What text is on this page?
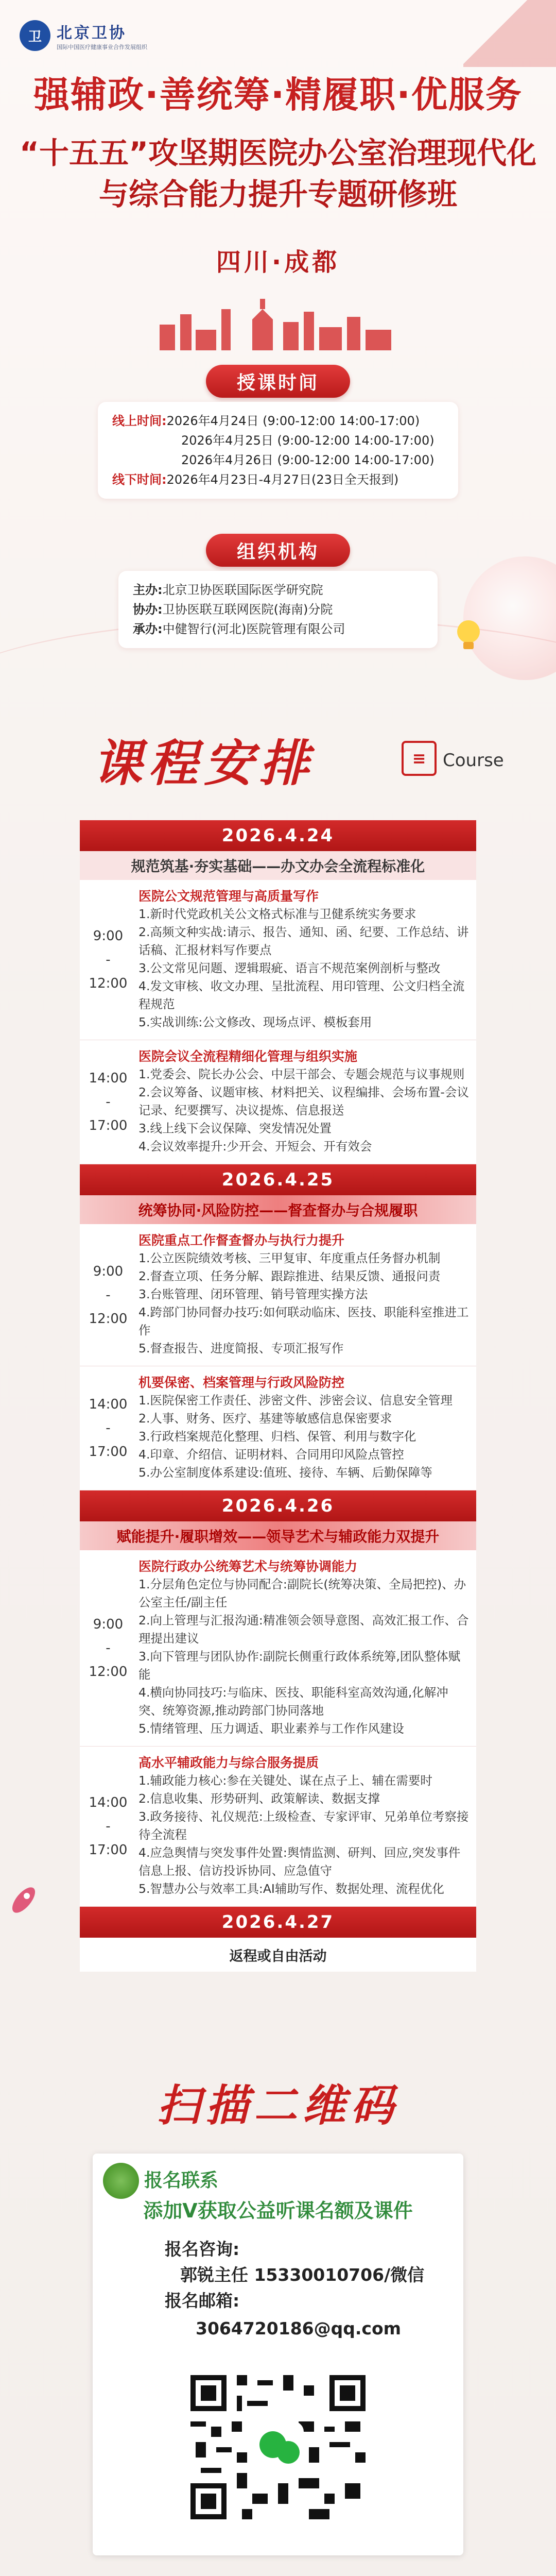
卫 北京卫协
国际中国医疗健康事业合作发展组织
强辅政·善统筹·精履职·优服务
“十五五”攻坚期医院办公室治理现代化
与综合能力提升专题研修班
四川·成都
授课时间
线上时间:2026年4月24日 (9:00-12:00 14:00-17:00)
2026年4月25日 (9:00-12:00 14:00-17:00)
2026年4月26日 (9:00-12:00 14:00-17:00)
线下时间:2026年4月23日-4月27日(23日全天报到)
组织机构
主办:北京卫协医联国际医学研究院
协办:卫协医联互联网医院(海南)分院
承办:中健智行(河北)医院管理有限公司
课程安排	≡ Course
2026.4.24
规范筑基·夯实基础——办文办会全流程标准化
9:00
-
12:00
医院公文规范管理与高质量写作
1.新时代党政机关公文格式标准与卫健系统实务要求
2.高频文种实战:请示、报告、通知、函、纪要、工作总结、讲话稿、汇报材料写作要点
3.公文常见问题、逻辑瑕疵、语言不规范案例剖析与整改
4.发文审核、收文办理、呈批流程、用印管理、公文归档全流程规范
5.实战训练:公文修改、现场点评、模板套用
14:00
-
17:00
医院会议全流程精细化管理与组织实施
1.党委会、院长办公会、中层干部会、专题会规范与议事规则
2.会议筹备、议题审核、材料把关、议程编排、会场布置-会议记录、纪要撰写、决议提炼、信息报送
3.线上线下会议保障、突发情况处置
4.会议效率提升:少开会、开短会、开有效会
2026.4.25
统筹协同·风险防控——督查督办与合规履职
9:00
-
12:00
医院重点工作督查督办与执行力提升
1.公立医院绩效考核、三甲复审、年度重点任务督办机制
2.督查立项、任务分解、跟踪推进、结果反馈、通报问责
3.台账管理、闭环管理、销号管理实操方法
4.跨部门协同督办技巧:如何联动临床、医技、职能科室推进工作
5.督查报告、进度简报、专项汇报写作
14:00
-
17:00
机要保密、档案管理与行政风险防控
1.医院保密工作责任、涉密文件、涉密会议、信息安全管理
2.人事、财务、医疗、基建等敏感信息保密要求
3.行政档案规范化整理、归档、保管、利用与数字化
4.印章、介绍信、证明材料、合同用印风险点管控
5.办公室制度体系建设:值班、接待、车辆、后勤保障等
2026.4.26
赋能提升·履职增效——领导艺术与辅政能力双提升
9:00
-
12:00
医院行政办公统筹艺术与统筹协调能力
1.分层角色定位与协同配合:副院长(统筹决策、全局把控)、办公室主任/副主任
2.向上管理与汇报沟通:精准领会领导意图、高效汇报工作、合理提出建议
3.向下管理与团队协作:副院长侧重行政体系统筹,团队整体赋能
4.横向协同技巧:与临床、医技、职能科室高效沟通,化解冲突、统筹资源,推动跨部门协同落地
5.情绪管理、压力调适、职业素养与工作作风建设
14:00
-
17:00
高水平辅政能力与综合服务提质
1.辅政能力核心:参在关键处、谋在点子上、辅在需要时
2.信息收集、形势研判、政策解读、数据支撑
3.政务接待、礼仪规范:上级检查、专家评审、兄弟单位考察接待全流程
4.应急舆情与突发事件处置:舆情监测、研判、回应,突发事件信息上报、信访投诉协同、应急值守
5.智慧办公与效率工具:AI辅助写作、数据处理、流程优化
2026.4.27
返程或自由活动
扫描二维码
报名联系
添加V获取公益听课名额及课件
报名咨询:
郭锐主任 15330010706/微信
报名邮箱:
3064720186@qq.com
